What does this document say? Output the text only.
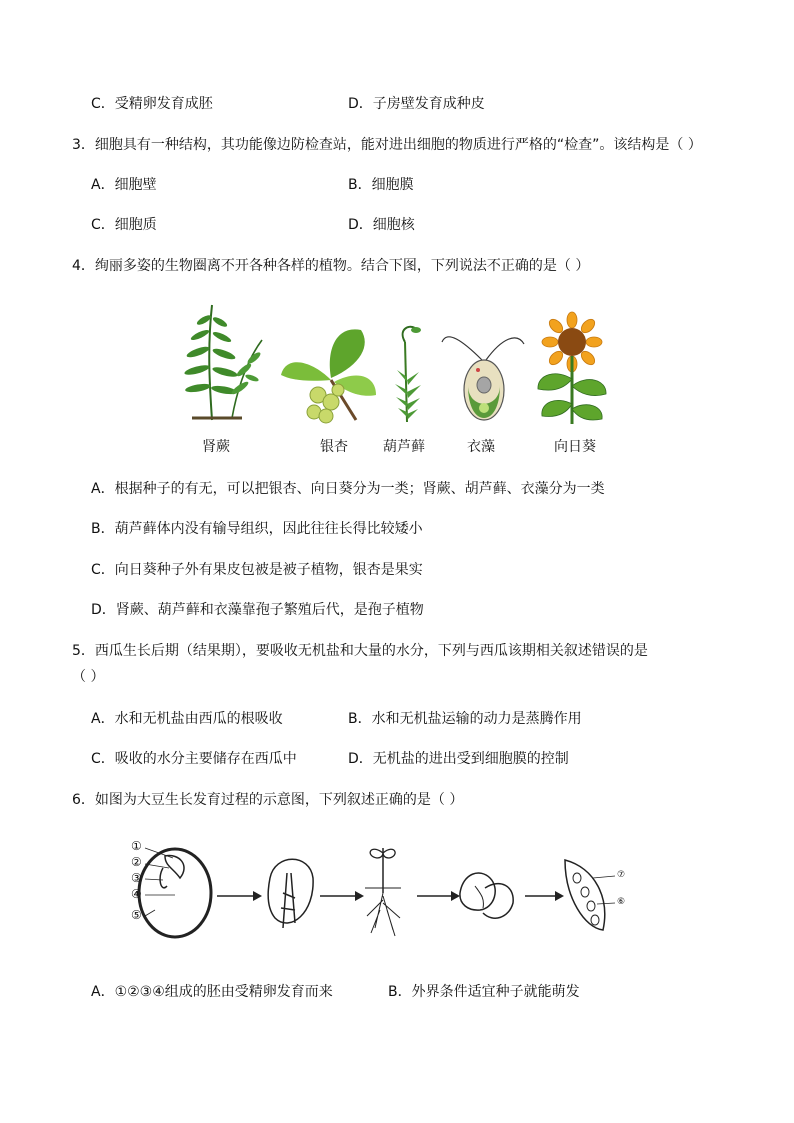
C．受精卵发育成胚	D．子房壁发育成种皮
3．细胞具有一种结构，其功能像边防检查站，能对进出细胞的物质进行严格的“检查”。该结构是（ ）
A．细胞壁	B．细胞膜
C．细胞质	D．细胞核
4．绚丽多姿的生物圈离不开各种各样的植物。结合下图，下列说法不正确的是（ ）
肾蕨	银杏	葫芦藓	衣藻	向日葵
A．根据种子的有无，可以把银杏、向日葵分为一类；肾蕨、胡芦藓、衣藻分为一类
B．葫芦藓体内没有输导组织，因此往往长得比较矮小
C．向日葵种子外有果皮包被是被子植物，银杏是果实
D．肾蕨、葫芦藓和衣藻靠孢子繁殖后代，是孢子植物
5．西瓜生长后期（结果期），要吸收无机盐和大量的水分，下列与西瓜该期相关叙述错误的是
（ ）
A．水和无机盐由西瓜的根吸收	B．水和无机盐运输的动力是蒸腾作用
C．吸收的水分主要储存在西瓜中	D．无机盐的进出受到细胞膜的控制
6．如图为大豆生长发育过程的示意图，下列叙述正确的是（ ）
①
②
③
④
⑤
⑦
⑥
A．①②③④组成的胚由受精卵发育而来	B．外界条件适宜种子就能萌发
